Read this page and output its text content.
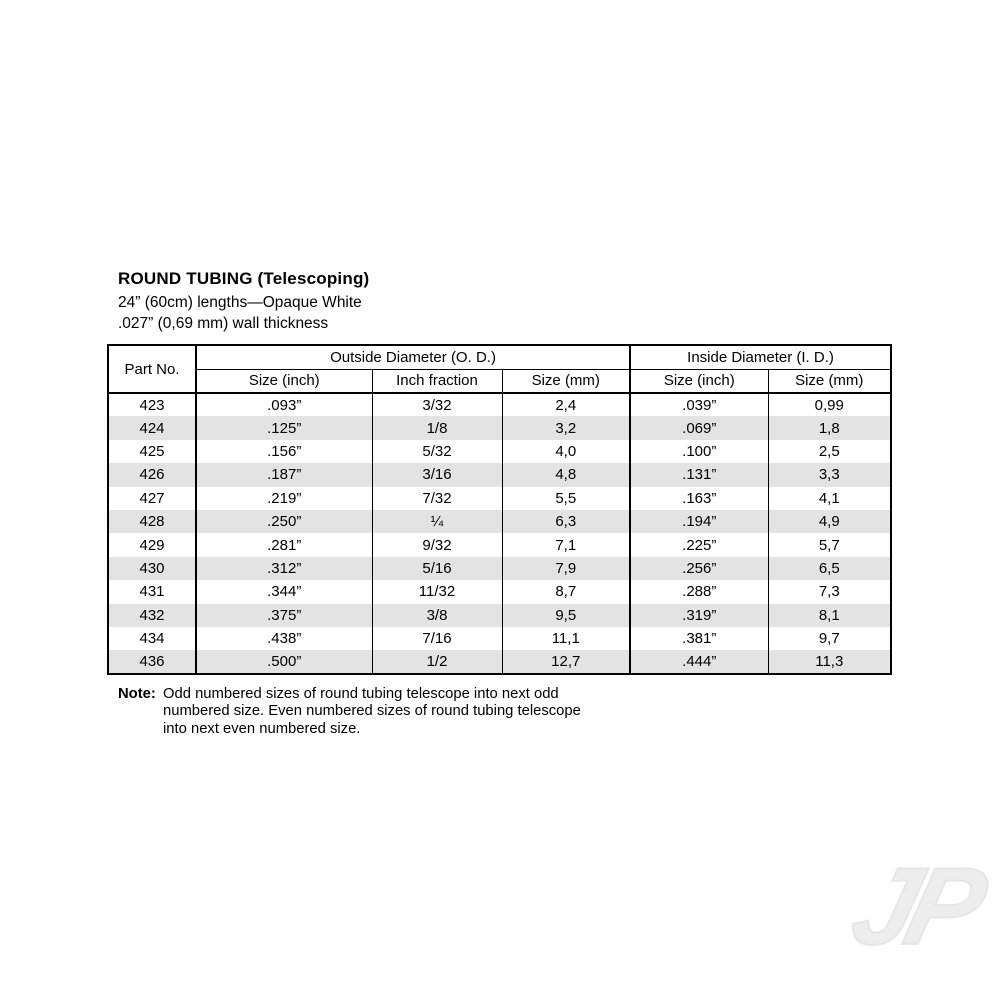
ROUND TUBING (Telescoping)

24” (60cm) lengths—Opaque White

.027” (0,69 mm) wall thickness

Part No.	Outside Diameter (O. D.)			Inside Diameter (I. D.)	
	Size (inch)	Inch fraction	Size (mm)	Size (inch)	Size (mm)
423	.093”	3/32	2,4	.039”	0,99
424	.125”	1/8	3,2	.069”	1,8
425	.156”	5/32	4,0	.100”	2,5
426	.187”	3/16	4,8	.131”	3,3
427	.219”	7/32	5,5	.163”	4,1
428	.250”	¼	6,3	.194”	4,9
429	.281”	9/32	7,1	.225”	5,7
430	.312”	5/16	7,9	.256”	6,5
431	.344”	11/32	8,7	.288”	7,3
432	.375”	3/8	9,5	.319”	8,1
434	.438”	7/16	11,1	.381”	9,7
436	.500”	1/2	12,7	.444”	11,3
Note: Odd numbered sizes of round tubing telescope into next odd
numbered size. Even numbered sizes of round tubing telescope
into next even numbered size.
JP
